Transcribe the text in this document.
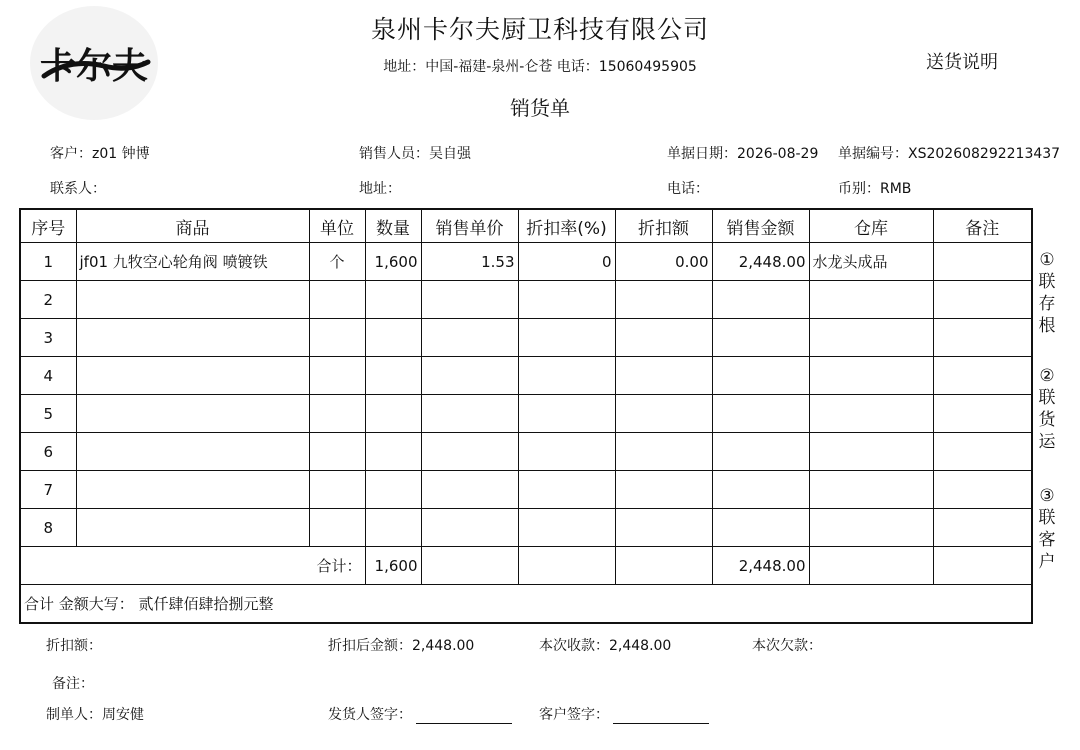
卡尔夫
泉州卡尔夫厨卫科技有限公司
地址：中国-福建-泉州-仑苍 电话：15060495905
销货单
送货说明
客户：z01 钟博	销售人员：吴自强	单据日期：2026-08-29 单据编号：XS202608292213437
联系人：	地址：	电话：	币别：RMB
序号	商品	单位	数量	销售单价	折扣率(%)	折扣额	销售金额	仓库	备注
1	jf01 九牧空心轮角阀 喷镀铁	个	1,600	1.53	0	0.00	2,448.00	水龙头成品	
2									
3									
4									
5									
6									
7									
8									
合计：			1,600				2,448.00		
合计 金额大写： 贰仟肆佰肆拾捌元整									
①
联
存
根
②
联
货
运
③
联
客
户
折扣额：	折扣后金额：2,448.00	本次收款：2,448.00	本次欠款：
备注：
制单人：周安健	发货人签字：	客户签字：
